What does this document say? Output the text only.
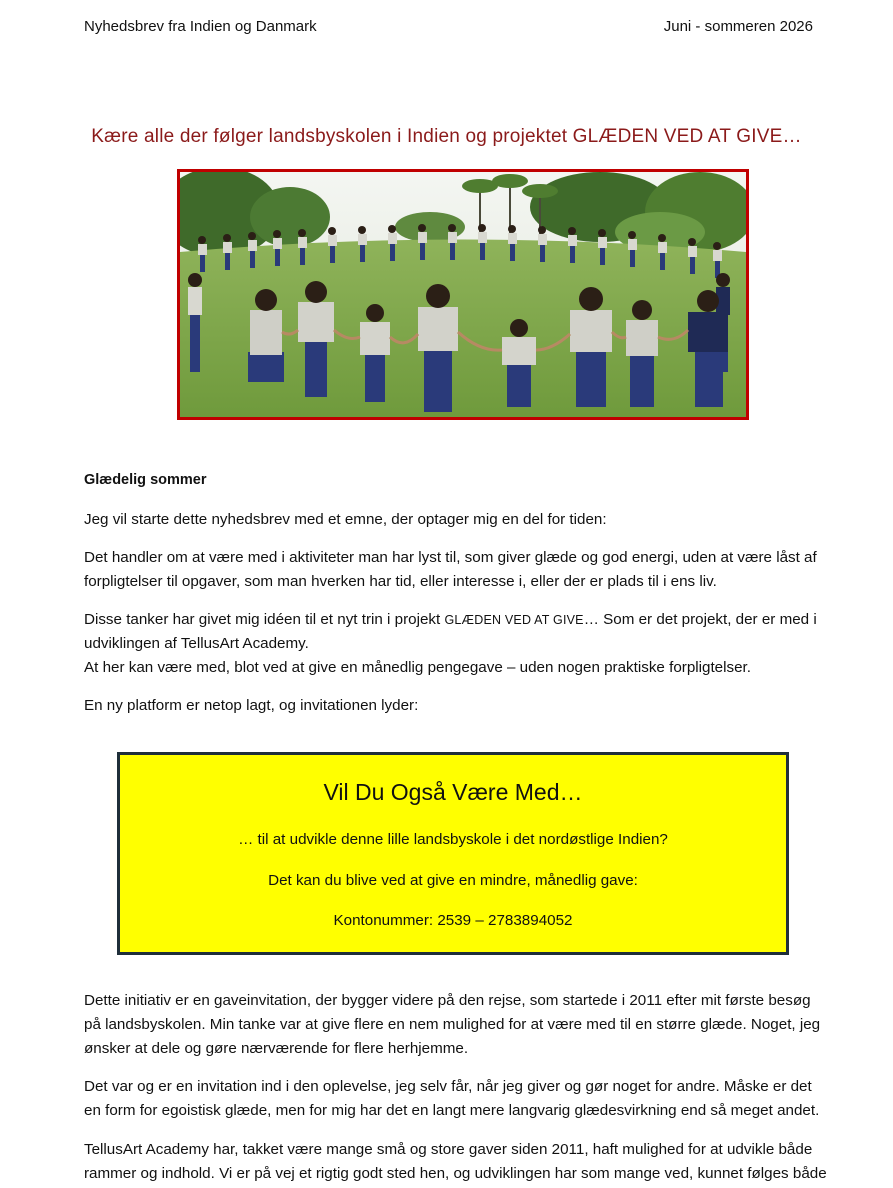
Nyhedsbrev fra Indien og Danmark	Juni - sommeren 2026
Kære alle der følger landsbyskolen i Indien og projektet GLÆDEN VED AT GIVE…

Glædelig sommer

Jeg vil starte dette nyhedsbrev med et emne, der optager mig en del for tiden:

Det handler om at være med i aktiviteter man har lyst til, som giver glæde og god energi, uden at være låst af

forpligtelser til opgaver, som man hverken har tid, eller interesse i, eller der er plads til i ens liv.

Disse tanker har givet mig idéen til et nyt trin i projekt GLÆDEN VED AT GIVE… Som er det projekt, der er med i

udviklingen af TellusArt Academy.

At her kan være med, blot ved at give en månedlig pengegave – uden nogen praktiske forpligtelser.

En ny platform er netop lagt, og invitationen lyder:

Vil Du Også Være Med…
… til at udvikle denne lille landsbyskole i det nordøstlige Indien?
Det kan du blive ved at give en mindre, månedlig gave:
Kontonummer: 2539 – 2783894052

Dette initiativ er en gaveinvitation, der bygger videre på den rejse, som startede i 2011 efter mit første besøg

på landsbyskolen. Min tanke var at give flere en nem mulighed for at være med til en større glæde. Noget, jeg

ønsker at dele og gøre nærværende for flere herhjemme.

Det var og er en invitation ind i den oplevelse, jeg selv får, når jeg giver og gør noget for andre. Måske er det

en form for egoistisk glæde, men for mig har det en langt mere langvarig glædesvirkning end så meget andet.

TellusArt Academy har, takket være mange små og store gaver siden 2011, haft mulighed for at udvikle både

rammer og indhold. Vi er på vej et rigtig godt sted hen, og udviklingen har som mange ved, kunnet følges både
